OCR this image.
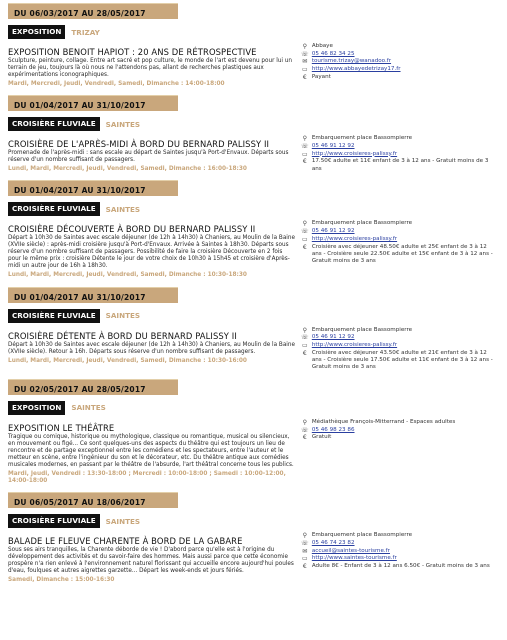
DU 06/03/2017 AU 28/05/2017
EXPOSITION	TRIZAY
EXPOSITION BENOIT HAPIOT : 20 ANS DE RÉTROSPECTIVE
Sculpture, peinture, collage. Entre art sacré et pop culture, le monde de l'art est devenu pour lui un terrain de jeu, toujours là où nous ne l'attendons pas, allant de recherches plastiques aux expérimentations iconographiques.
Mardi, Mercredi, Jeudi, Vendredi, Samedi, Dimanche : 14:00-18:00
⚲ Abbaye
☏ 05 46 82 34 25
✉ tourisme.trizay@wanadoo.fr
▭ http://www.abbayedetrizay17.fr
€ Payant
DU 01/04/2017 AU 31/10/2017
CROISIÈRE FLUVIALE	SAINTES
CROISIÈRE DE L'APRÈS-MIDI À BORD DU BERNARD PALISSY II
Promenade de l'après-midi : sans escale au départ de Saintes jusqu'à Port-d'Envaux. Départs sous réserve d'un nombre suffisant de passagers.
Lundi, Mardi, Mercredi, Jeudi, Vendredi, Samedi, Dimanche : 16:00-18:30
⚲ Embarquement place Bassompierre
☏ 05 46 91 12 92
▭ http://www.croisieres-palissy.fr
€ 17.50€ adulte et 11€ enfant de 3 à 12 ans - Gratuit moins de 3 ans
DU 01/04/2017 AU 31/10/2017
CROISIÈRE FLUVIALE	SAINTES
CROISIÈRE DÉCOUVERTE À BORD DU BERNARD PALISSY II
Départ à 10h30 de Saintes avec escale déjeuner (de 12h à 14h30) à Chaniers, au Moulin de la Baine (XVIIe siècle) : après-midi croisière jusqu'à Port-d'Envaux. Arrivée à Saintes à 18h30. Départs sous réserve d'un nombre suffisant de passagers. Possibilité de faire la croisière Découverte en 2 fois pour le même prix : croisière Détente le jour de votre choix de 10h30 à 15h45 et croisière d'Après-midi un autre jour de 16h à 18h30.
Lundi, Mardi, Mercredi, Jeudi, Vendredi, Samedi, Dimanche : 10:30-18:30
⚲ Embarquement place Bassompierre
☏ 05 46 91 12 92
▭ http://www.croisieres-palissy.fr
€ Croisière avec déjeuner 48.50€ adulte et 25€ enfant de 3 à 12 ans - Croisière seule 22.50€ adulte et 15€ enfant de 3 à 12 ans - Gratuit moins de 3 ans
DU 01/04/2017 AU 31/10/2017
CROISIÈRE FLUVIALE	SAINTES
CROISIÈRE DÉTENTE À BORD DU BERNARD PALISSY II
Départ à 10h30 de Saintes avec escale déjeuner (de 12h à 14h30) à Chaniers, au Moulin de la Baine (XVIIe siècle). Retour à 16h. Départs sous réserve d'un nombre suffisant de passagers.
Lundi, Mardi, Mercredi, Jeudi, Vendredi, Samedi, Dimanche : 10:30-16:00
⚲ Embarquement place Bassompierre
☏ 05 46 91 12 92
▭ http://www.croisieres-palissy.fr
€ Croisière avec déjeuner 43.50€ adulte et 21€ enfant de 3 à 12 ans - Croisière seule 17.50€ adulte et 11€ enfant de 3 à 12 ans - Gratuit moins de 3 ans
DU 02/05/2017 AU 28/05/2017
EXPOSITION	SAINTES
EXPOSITION LE THÉÂTRE
Tragique ou comique, historique ou mythologique, classique ou romantique, musical ou silencieux, en mouvement ou figé... Ce sont quelques-uns des aspects du théâtre qui est toujours un lieu de rencontre et de partage exceptionnel entre les comédiens et les spectateurs, entre l'auteur et le metteur en scène, entre l'ingénieur du son et le décorateur, etc. Du théâtre antique aux comédies musicales modernes, en passant par le théâtre de l'absurde, l'art théâtral concerne tous les publics.
Mardi, Jeudi, Vendredi : 13:30-18:00 ; Mercredi : 10:00-18:00 ; Samedi : 10:00-12:00, 14:00-18:00
⚲ Médiathèque François-Mitterrand - Espaces adultes
☏ 05 46 98 23 86
€ Gratuit
DU 06/05/2017 AU 18/06/2017
CROISIÈRE FLUVIALE	SAINTES
BALADE LE FLEUVE CHARENTE À BORD DE LA GABARE
Sous ses airs tranquilles, la Charente déborde de vie ! D'abord parce qu'elle est à l'origine du développement des activités et du savoir-faire des hommes. Mais aussi parce que cette économie prospère n'a rien enlevé à l'environnement naturel florissant qui accueille encore aujourd'hui poules d'eau, foulques et autres aigrettes garzette... Départ les week-ends et jours fériés.
Samedi, Dimanche : 15:00-16:30
⚲ Embarquement place Bassompierre
☏ 05 46 74 23 82
✉ accueil@saintes-tourisme.fr
▭ http://www.saintes-tourisme.fr
€ Adulte 8€ - Enfant de 3 à 12 ans 6.50€ - Gratuit moins de 3 ans
